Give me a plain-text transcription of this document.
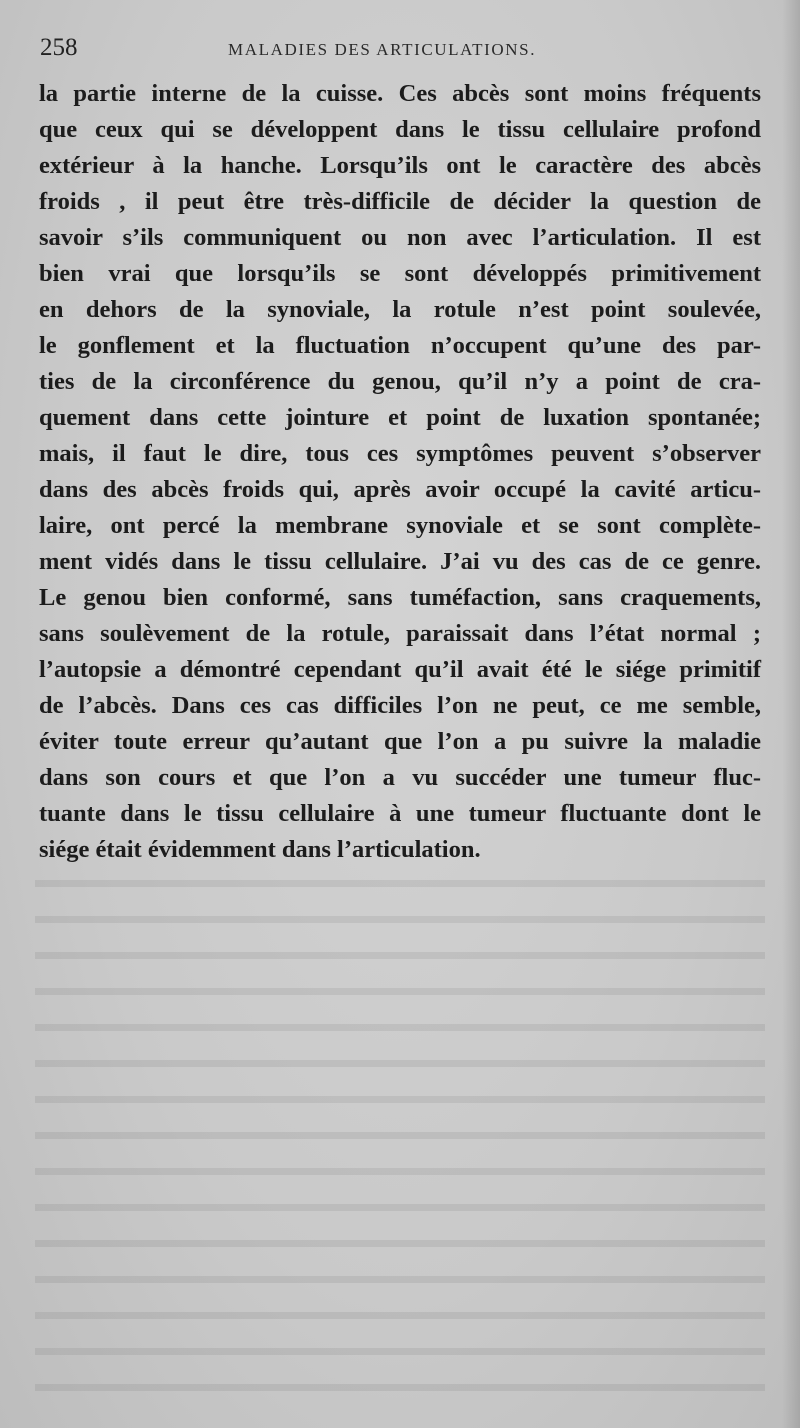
258	MALADIES DES ARTICULATIONS.
la partie interne de la cuisse. Ces abcès sont moins fréquents
que ceux qui se développent dans le tissu cellulaire profond
extérieur à la hanche. Lorsqu’ils ont le caractère des abcès
froids , il peut être très-difficile de décider la question de
savoir s’ils communiquent ou non avec l’articulation. Il est
bien vrai que lorsqu’ils se sont développés primitivement
en dehors de la synoviale, la rotule n’est point soulevée,
le gonflement et la fluctuation n’occupent qu’une des par-
ties de la circonférence du genou, qu’il n’y a point de cra-
quement dans cette jointure et point de luxation spontanée;
mais, il faut le dire, tous ces symptômes peuvent s’observer
dans des abcès froids qui, après avoir occupé la cavité articu-
laire, ont percé la membrane synoviale et se sont complète-
ment vidés dans le tissu cellulaire. J’ai vu des cas de ce genre.
Le genou bien conformé, sans tuméfaction, sans craquements,
sans soulèvement de la rotule, paraissait dans l’état normal ;
l’autopsie a démontré cependant qu’il avait été le siége primitif
de l’abcès. Dans ces cas difficiles l’on ne peut, ce me semble,
éviter toute erreur qu’autant que l’on a pu suivre la maladie
dans son cours et que l’on a vu succéder une tumeur fluc-
tuante dans le tissu cellulaire à une tumeur fluctuante dont le
siége était évidemment dans l’articulation.
